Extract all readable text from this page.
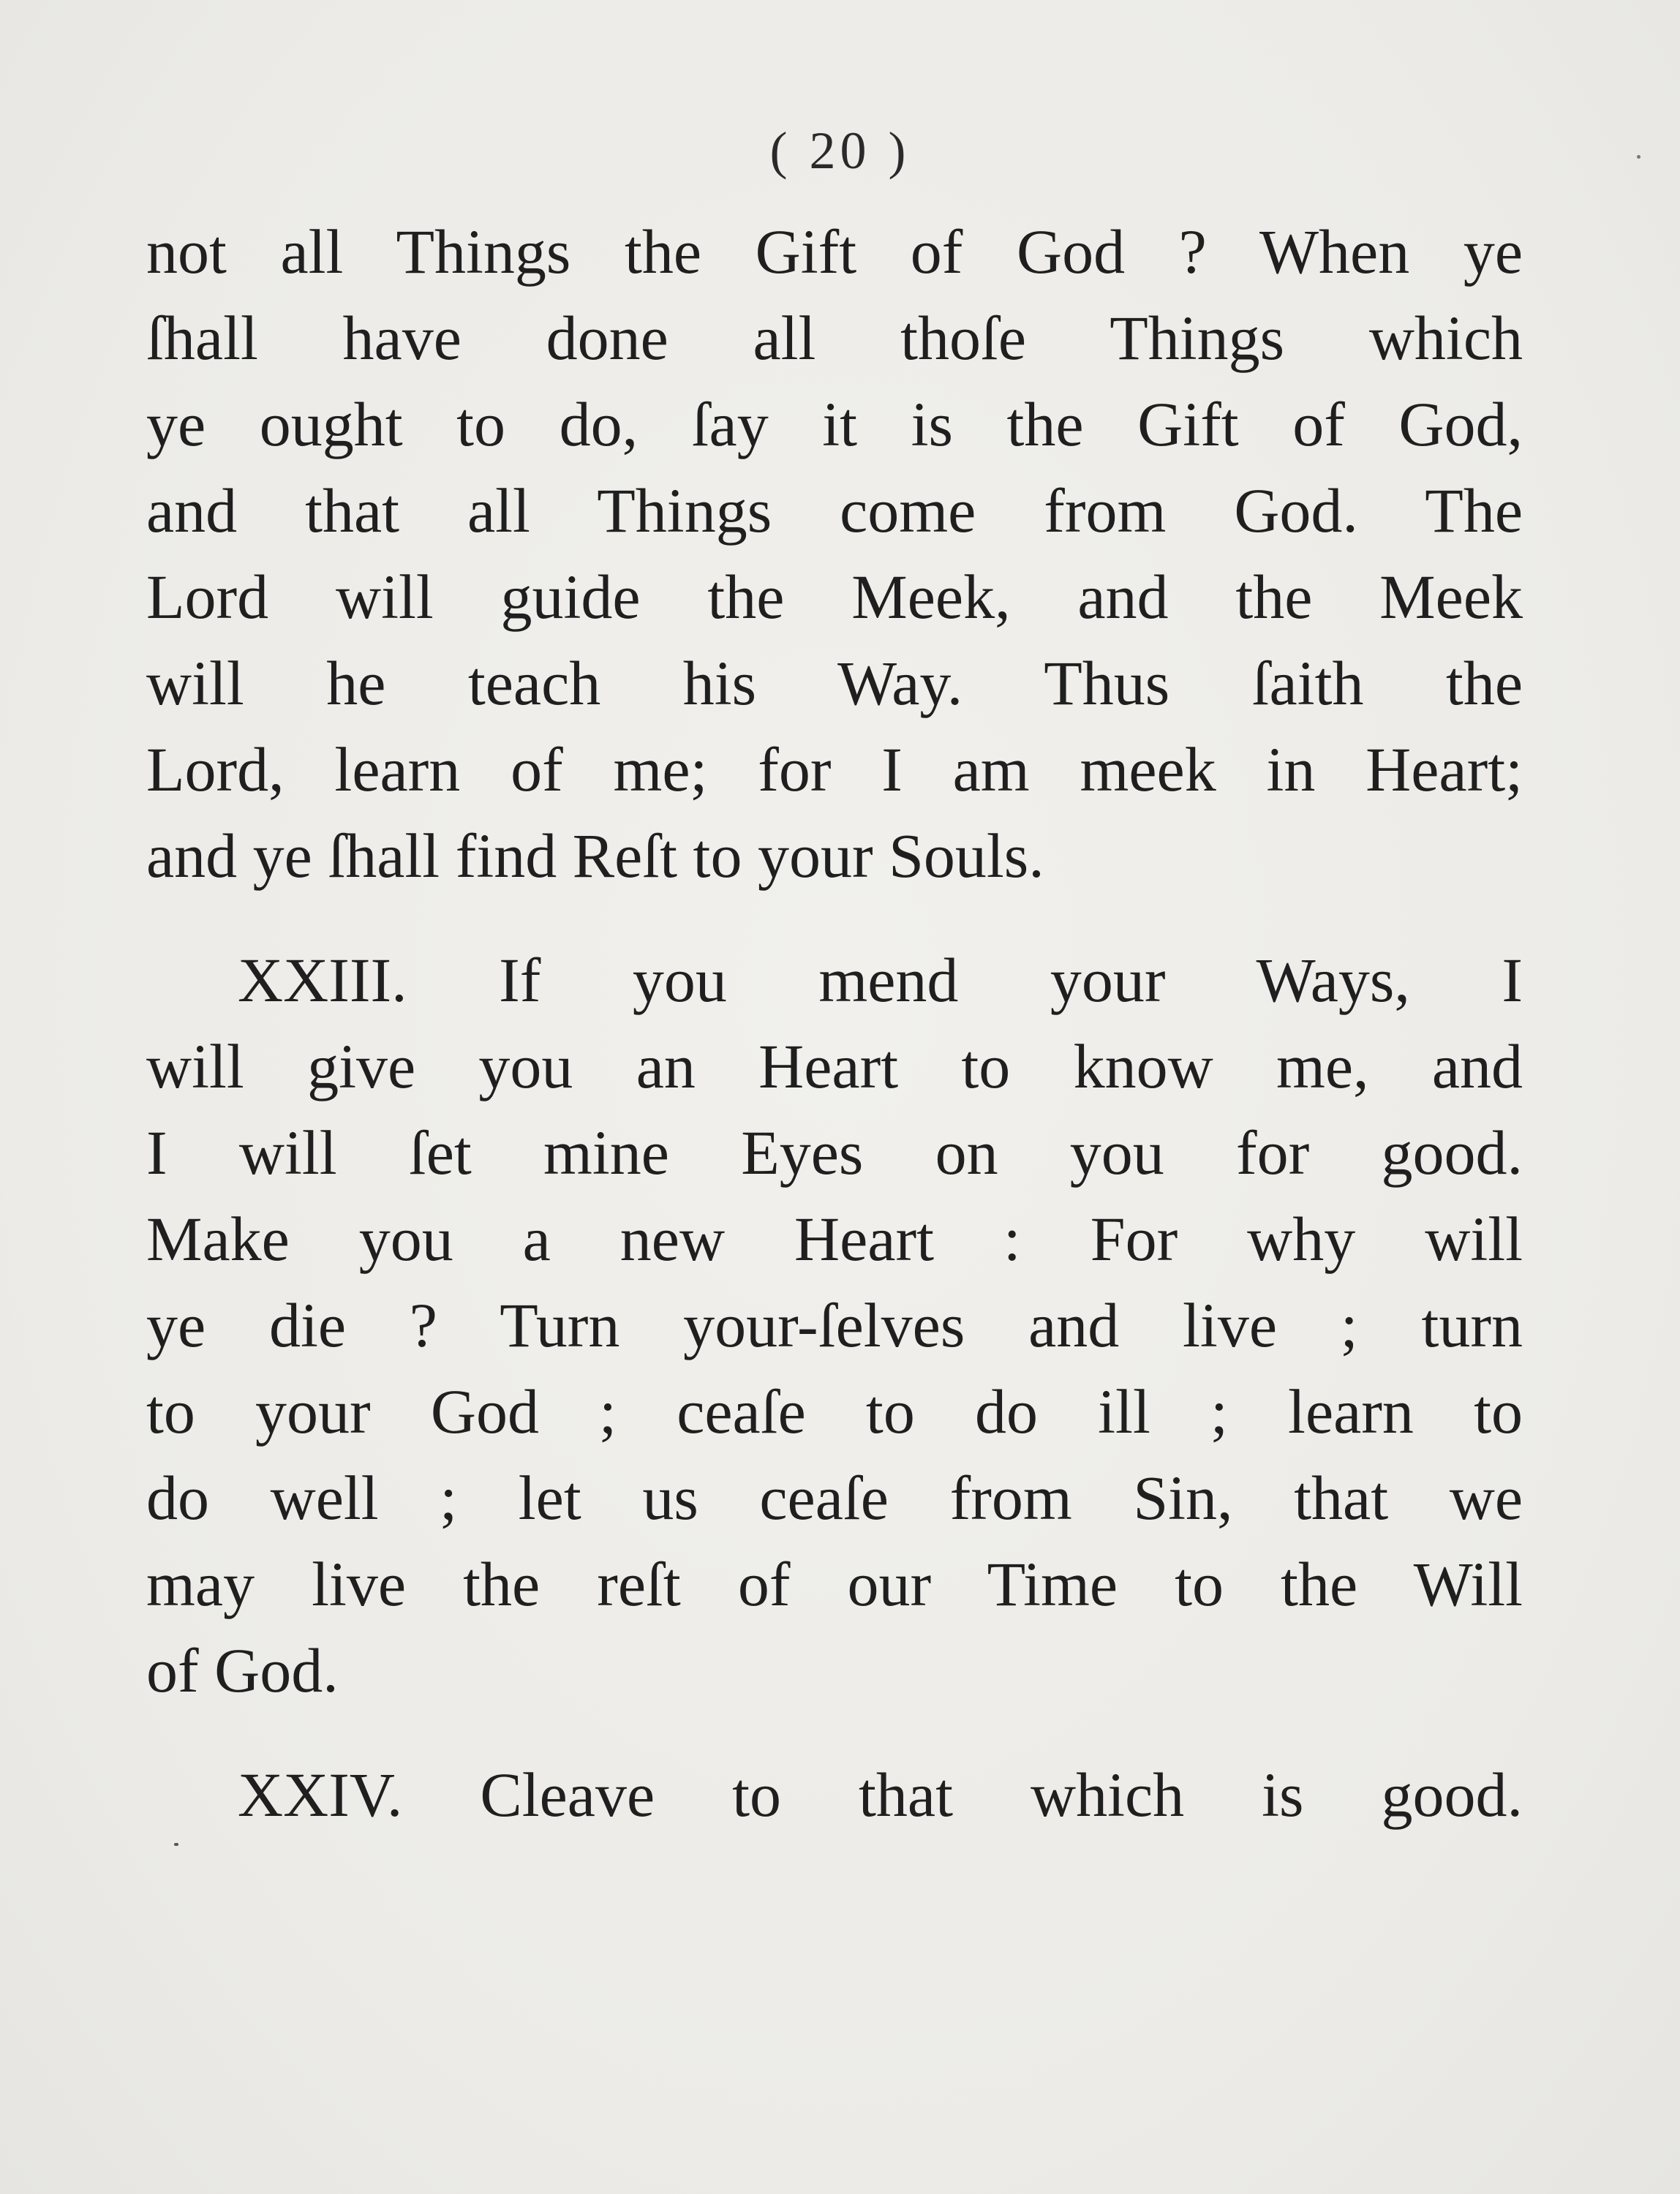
( 20 )
not all Things the Gift of God ? When ye
ſhall have done all thoſe Things which
ye ought to do, ſay it is the Gift of God,
and that all Things come from God. The
Lord will guide the Meek, and the Meek
will he teach his Way. Thus ſaith the
Lord, learn of me; for I am meek in Heart;
and ye ſhall find Reſt to your Souls.
XXIII. If you mend your Ways, I
will give you an Heart to know me, and
I will ſet mine Eyes on you for good.
Make you a new Heart : For why will
ye die ? Turn your-ſelves and live ; turn
to your God ; ceaſe to do ill ; learn to
do well ; let us ceaſe from Sin, that we
may live the reſt of our Time to the Will
of God.
XXIV. Cleave to that which is good.
